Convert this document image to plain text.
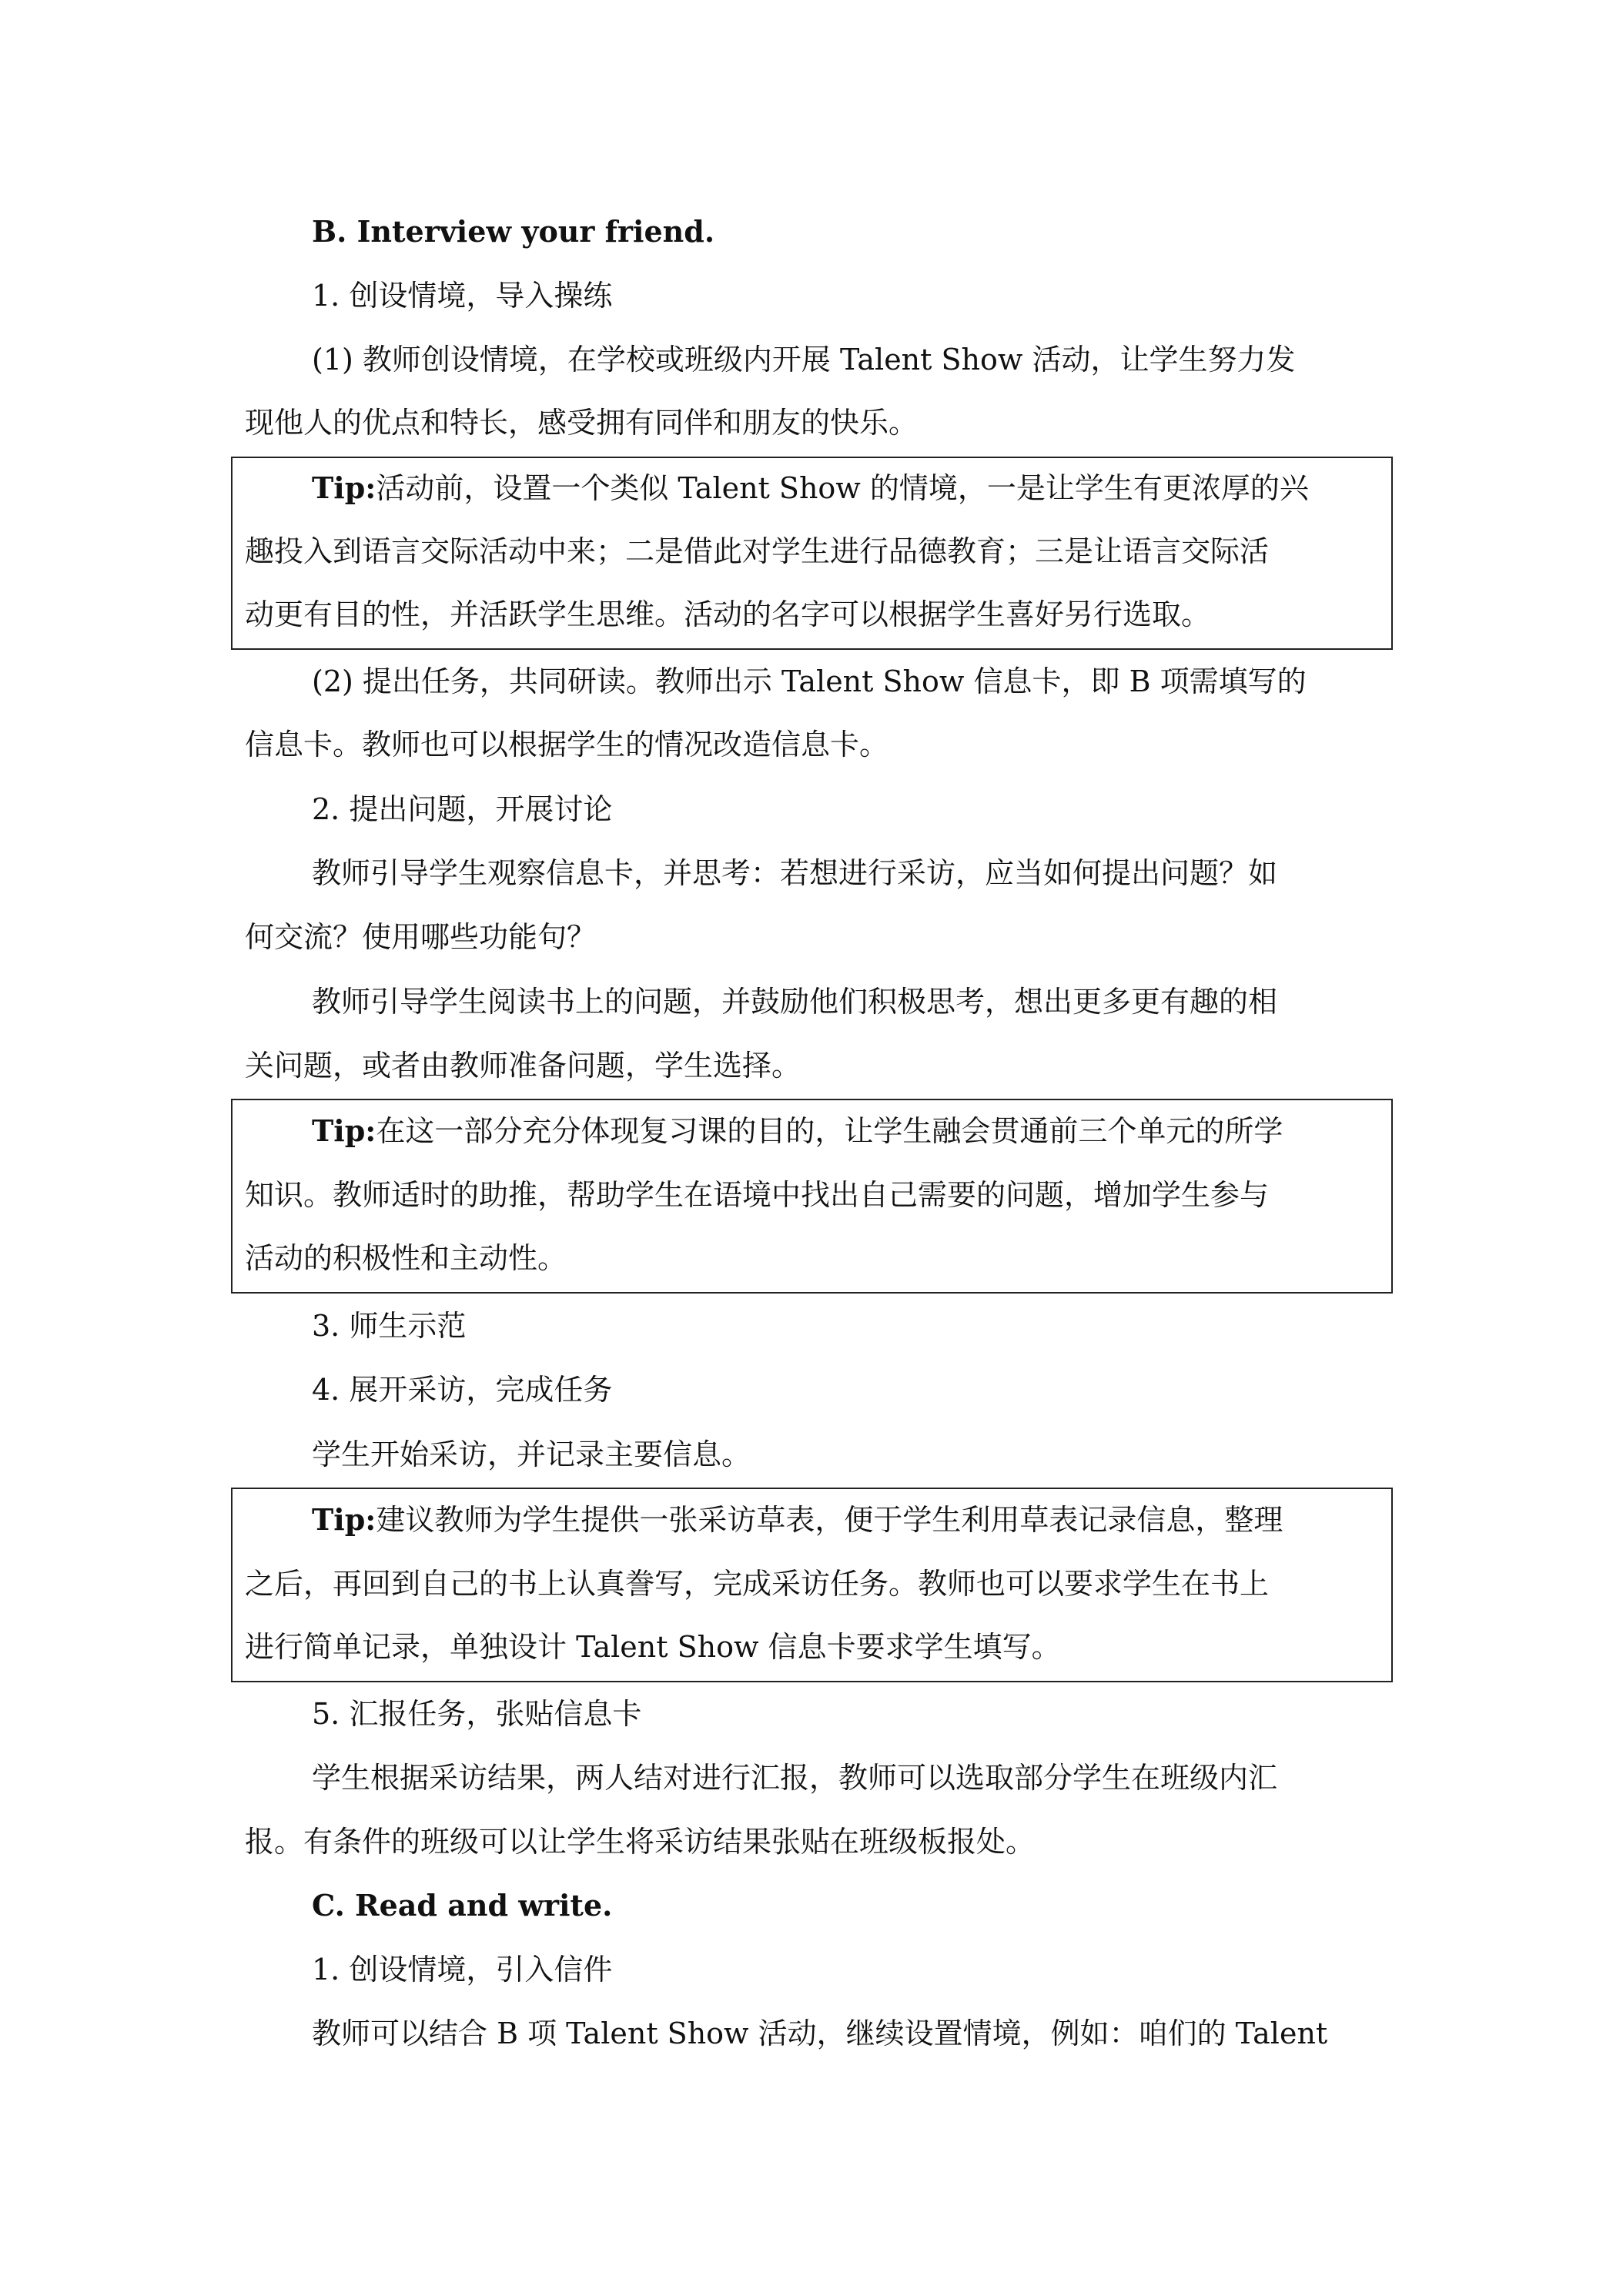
B. Interview your friend.
1. 创设情境，导入操练
(1) 教师创设情境，在学校或班级内开展 Talent Show 活动，让学生努力发
现他人的优点和特长，感受拥有同伴和朋友的快乐。
Tip:活动前，设置一个类似 Talent Show 的情境，一是让学生有更浓厚的兴
趣投入到语言交际活动中来；二是借此对学生进行品德教育；三是让语言交际活
动更有目的性，并活跃学生思维。活动的名字可以根据学生喜好另行选取。
(2) 提出任务，共同研读。教师出示 Talent Show 信息卡，即 B 项需填写的
信息卡。教师也可以根据学生的情况改造信息卡。
2. 提出问题，开展讨论
教师引导学生观察信息卡，并思考：若想进行采访，应当如何提出问题？如
何交流？使用哪些功能句？
教师引导学生阅读书上的问题，并鼓励他们积极思考，想出更多更有趣的相
关问题，或者由教师准备问题，学生选择。
Tip:在这一部分充分体现复习课的目的，让学生融会贯通前三个单元的所学
知识。教师适时的助推，帮助学生在语境中找出自己需要的问题，增加学生参与
活动的积极性和主动性。
3. 师生示范
4. 展开采访，完成任务
学生开始采访，并记录主要信息。
Tip:建议教师为学生提供一张采访草表，便于学生利用草表记录信息，整理
之后，再回到自己的书上认真誊写，完成采访任务。教师也可以要求学生在书上
进行简单记录，单独设计 Talent Show 信息卡要求学生填写。
5. 汇报任务，张贴信息卡
学生根据采访结果，两人结对进行汇报，教师可以选取部分学生在班级内汇
报。有条件的班级可以让学生将采访结果张贴在班级板报处。
C. Read and write.
1. 创设情境，引入信件
教师可以结合 B 项 Talent Show 活动，继续设置情境，例如：咱们的 Talent
